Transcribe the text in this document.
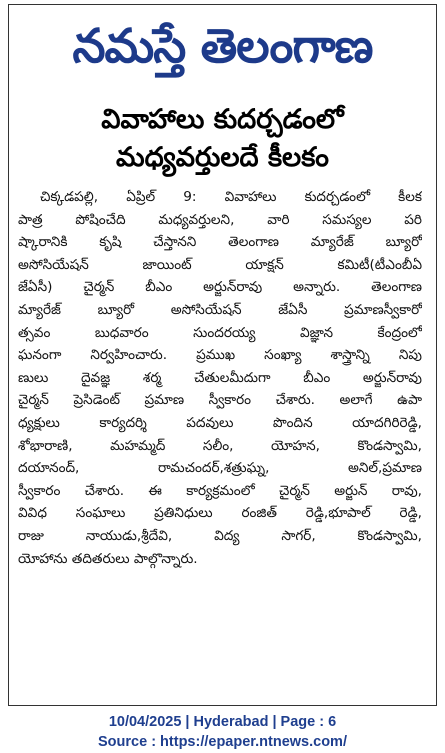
నమస్తే తెలంగాణ
వివాహాలు కుదర్చడంలో
మధ్యవర్తులదే కీలకం
చిక్కడపల్లి, ఏప్రిల్ 9: వివాహాలు కుదర్చడంలో కీలక
పాత్ర పోషించేది మధ్యవర్తులని, వారి సమస్యల పరి
ష్కారానికి కృషి చేస్తానని తెలంగాణ మ్యారేజ్ బ్యూరో
అసోసియేషన్ జాయింట్ యాక్షన్ కమిటీ(టీఎంబీఏ
జేఏసీ) చైర్మన్ బీఎం అర్జున్‌రావు అన్నారు. తెలంగాణ
మ్యారేజ్ బ్యూరో అసోసియేషన్ జేఏసీ ప్రమాణస్వీకారో
త్సవం బుధవారం సుందరయ్య విజ్ఞాన కేంద్రంలో
ఘనంగా నిర్వహించారు. ప్రముఖ సంఖ్యా శాస్త్రాన్ని నిపు
ణులు దైవజ్ఞ శర్మ చేతులమీదుగా బీఎం అర్జున్‌రావు
చైర్మన్ ప్రెసిడెంట్ ప్రమాణ స్వీకారం చేశారు. అలాగే ఉపా
ధ్యక్షులు కార్యదర్శి పదవులు పొందిన యాదగిరిరెడ్డి,
శోభారాణి, మహమ్మద్ సలీం, యోహన, కొండస్వామి,
దయానంద్, రామచందర్,శత్రుఘ్న, అనిల్,ప్రమాణ
స్వీకారం చేశారు. ఈ కార్యక్రమంలో చైర్మన్ అర్జున్ రావు,
వివిధ సంఘాలు ప్రతినిధులు రంజిత్ రెడ్డి,భూపాల్ రెడ్డి,
రాజు నాయుడు,శ్రీదేవి, విద్య సాగర్, కొండస్వామి,
యోహాను తదితరులు పాల్గొన్నారు.
10/04/2025 | Hyderabad | Page : 6
Source : https://epaper.ntnews.com/
